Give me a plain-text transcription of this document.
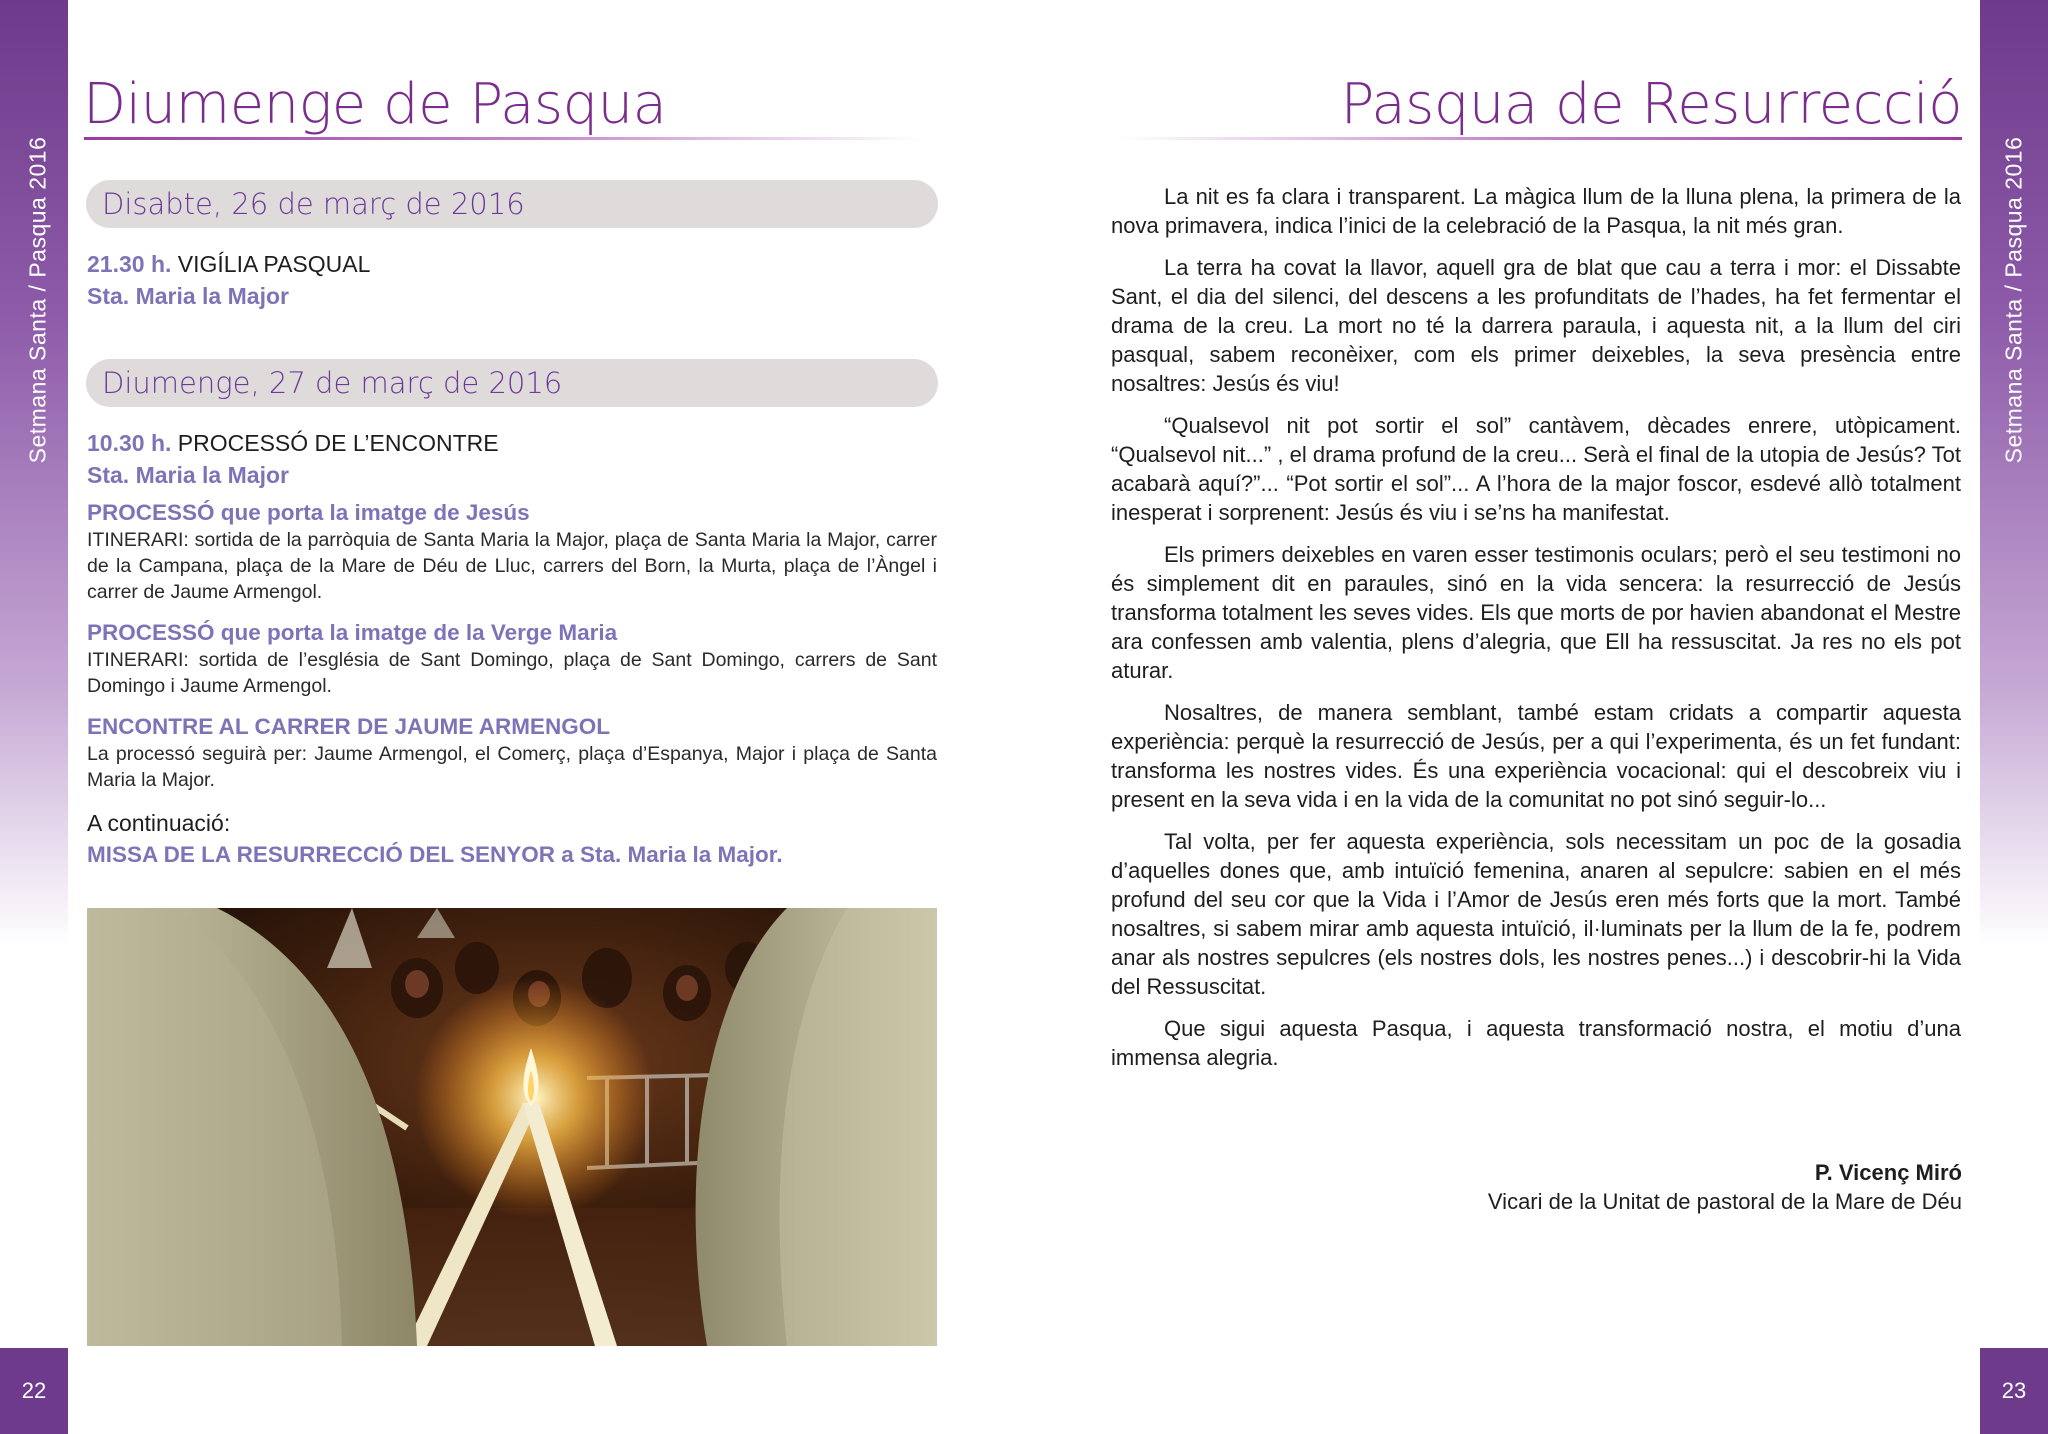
Setmana Santa / Pasqua 2016
22
Setmana Santa / Pasqua 2016
23
Diumenge de Pasqua	Pasqua de Resurrecció
Disabte, 26 de març de 2016
21.30 h. VIGÍLIA PASQUAL
Sta. Maria la Major
Diumenge, 27 de març de 2016
10.30 h. PROCESSÓ DE L’ENCONTRE
Sta. Maria la Major
PROCESSÓ que porta la imatge de Jesús
ITINERARI: sortida de la parròquia de Santa Maria la Major, plaça de Santa Maria la Major, carrer de la Campana, plaça de la Mare de Déu de Lluc, carrers del Born, la Murta, plaça de l’Àngel i carrer de Jaume Armengol.
PROCESSÓ que porta la imatge de la Verge Maria
ITINERARI: sortida de l’església de Sant Domingo, plaça de Sant Domingo, carrers de Sant Domingo i Jaume Armengol.
ENCONTRE AL CARRER DE JAUME ARMENGOL
La processó seguirà per: Jaume Armengol, el Comerç, plaça d’Espanya, Major i plaça de Santa Maria la Major.
A continuació:
MISSA DE LA RESURRECCIÓ DEL SENYOR a Sta. Maria la Major.

La nit es fa clara i transparent. La màgica llum de la lluna plena, la primera de la nova primavera, indica l’inici de la celebració de la Pasqua, la nit més gran.

La terra ha covat la llavor, aquell gra de blat que cau a terra i mor: el Dissabte Sant, el dia del silenci, del descens a les profunditats de l’hades, ha fet fermentar el drama de la creu. La mort no té la darrera paraula, i aquesta nit, a la llum del ciri pasqual, sabem reconèixer, com els primer deixebles, la seva presència entre nosaltres: Jesús és viu!

“Qualsevol nit pot sortir el sol” cantàvem, dècades enrere, utòpicament. “Qualsevol nit...” , el drama profund de la creu... Serà el final de la utopia de Jesús? Tot acabarà aquí?”... “Pot sortir el sol”... A l’hora de la major foscor, esdevé allò totalment inesperat i sorprenent: Jesús és viu i se’ns ha manifestat.

Els primers deixebles en varen esser testimonis oculars; però el seu testimoni no és simplement dit en paraules, sinó en la vida sencera: la resurrecció de Jesús transforma totalment les seves vides. Els que morts de por havien abandonat el Mestre ara confessen amb valentia, plens d’alegria, que Ell ha ressuscitat. Ja res no els pot aturar.

Nosaltres, de manera semblant, també estam cridats a compartir aquesta experiència: perquè la resurrecció de Jesús, per a qui l’experimenta, és un fet fundant: transforma les nostres vides. És una experiència vocacional: qui el descobreix viu i present en la seva vida i en la vida de la comunitat no pot sinó seguir-lo...

Tal volta, per fer aquesta experiència, sols necessitam un poc de la gosadia d’aquelles dones que, amb intuïció femenina, anaren al sepulcre: sabien en el més profund del seu cor que la Vida i l’Amor de Jesús eren més forts que la mort. També nosaltres, si sabem mirar amb aquesta intuïció, il·luminats per la llum de la fe, podrem anar als nostres sepulcres (els nostres dols, les nostres penes...) i descobrir-hi la Vida del Ressuscitat.

Que sigui aquesta Pasqua, i aquesta transformació nostra, el motiu d’una immensa alegria.

P. Vicenç Miró
Vicari de la Unitat de pastoral de la Mare de Déu
